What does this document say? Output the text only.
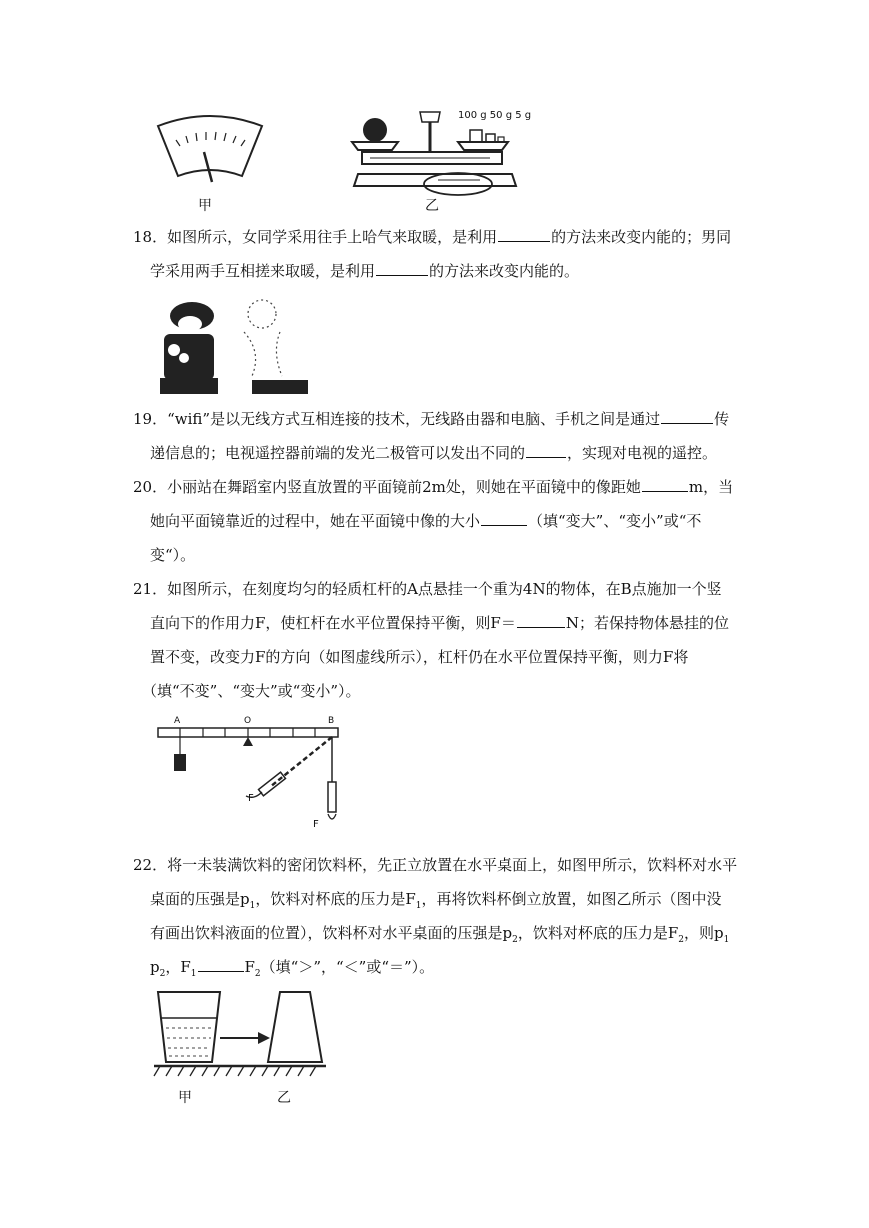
甲
100 g 50 g 5 g
乙
18．如图所示，女同学采用往手上哈气来取暖，是利用	的方法来改变内能的；男同
学采用两手互相搓来取暖，是利用	的方法来改变内能的。
19．“wifi”是以无线方式互相连接的技术，无线路由器和电脑、手机之间是通过	传
递信息的；电视遥控器前端的发光二极管可以发出不同的	，实现对电视的遥控。
20．小丽站在舞蹈室内竖直放置的平面镜前2m处，则她在平面镜中的像距她	m，当
她向平面镜靠近的过程中，她在平面镜中像的大小	（填“变大”、“变小”或“不
变“）。
21．如图所示，在刻度均匀的轻质杠杆的A点悬挂一个重为4N的物体，在B点施加一个竖
直向下的作用力F，使杠杆在水平位置保持平衡，则F＝	N；若保持物体悬挂的位
置不变，改变力F的方向（如图虚线所示），杠杆仍在水平位置保持平衡，则力F将
（填“不变”、“变大”或“变小”）。
A	O	B
F
F
22．将一未装满饮料的密闭饮料杯，先正立放置在水平桌面上，如图甲所示，饮料杯对水平
桌面的压强是$p_1$，饮料对杯底的压力是$F_1$，再将饮料杯倒立放置，如图乙所示（图中没
有画出饮料液面的位置），饮料杯对水平桌面的压强是$p_2$，饮料对杯底的压力是$F_2$，则$p_1$
$p_2$，$F_1$	$F_2$（填“＞”，“＜”或“＝”）。
甲	乙
